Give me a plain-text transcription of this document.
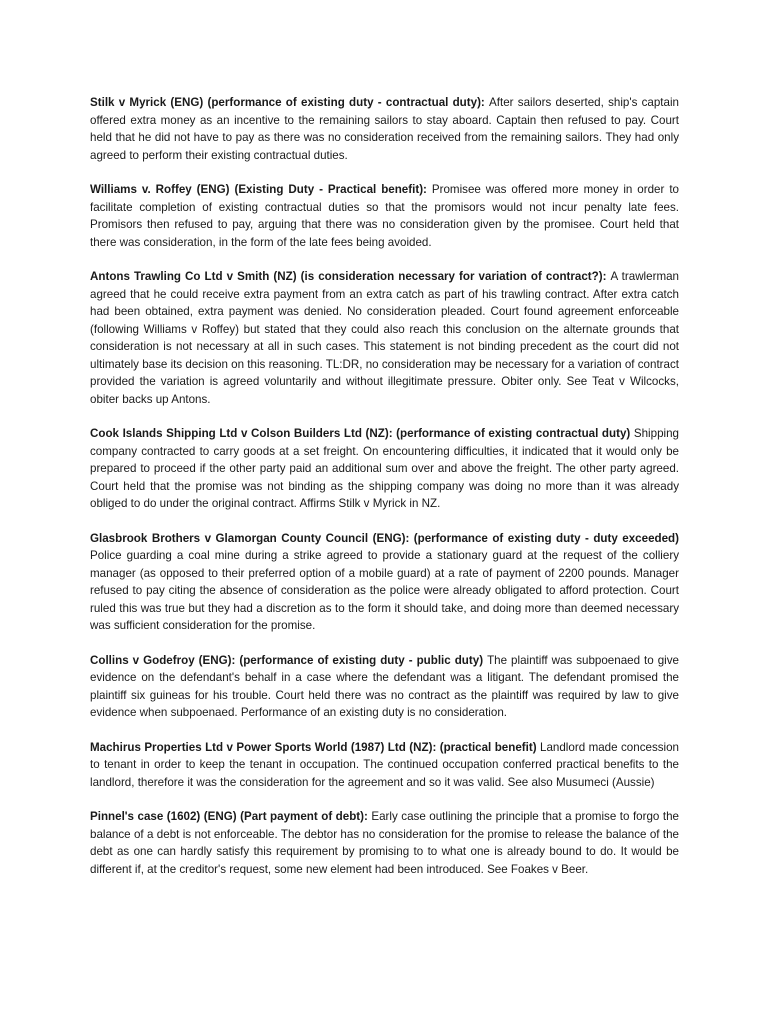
Stilk v Myrick (ENG) (performance of existing duty - contractual duty): After sailors deserted, ship's captain offered extra money as an incentive to the remaining sailors to stay aboard. Captain then refused to pay. Court held that he did not have to pay as there was no consideration received from the remaining sailors. They had only agreed to perform their existing contractual duties.

Williams v. Roffey (ENG) (Existing Duty - Practical benefit): Promisee was offered more money in order to facilitate completion of existing contractual duties so that the promisors would not incur penalty late fees. Promisors then refused to pay, arguing that there was no consideration given by the promisee. Court held that there was consideration, in the form of the late fees being avoided.

Antons Trawling Co Ltd v Smith (NZ) (is consideration necessary for variation of contract?): A trawlerman agreed that he could receive extra payment from an extra catch as part of his trawling contract. After extra catch had been obtained, extra payment was denied. No consideration pleaded. Court found agreement enforceable (following Williams v Roffey) but stated that they could also reach this conclusion on the alternate grounds that consideration is not necessary at all in such cases. This statement is not binding precedent as the court did not ultimately base its decision on this reasoning. TL:DR, no consideration may be necessary for a variation of contract provided the variation is agreed voluntarily and without illegitimate pressure. Obiter only. See Teat v Wilcocks, obiter backs up Antons.

Cook Islands Shipping Ltd v Colson Builders Ltd (NZ): (performance of existing contractual duty) Shipping company contracted to carry goods at a set freight. On encountering difficulties, it indicated that it would only be prepared to proceed if the other party paid an additional sum over and above the freight. The other party agreed. Court held that the promise was not binding as the shipping company was doing no more than it was already obliged to do under the original contract. Affirms Stilk v Myrick in NZ.

Glasbrook Brothers v Glamorgan County Council (ENG): (performance of existing duty - duty exceeded) Police guarding a coal mine during a strike agreed to provide a stationary guard at the request of the colliery manager (as opposed to their preferred option of a mobile guard) at a rate of payment of 2200 pounds. Manager refused to pay citing the absence of consideration as the police were already obligated to afford protection. Court ruled this was true but they had a discretion as to the form it should take, and doing more than deemed necessary was sufficient consideration for the promise.

Collins v Godefroy (ENG): (performance of existing duty - public duty) The plaintiff was subpoenaed to give evidence on the defendant's behalf in a case where the defendant was a litigant. The defendant promised the plaintiff six guineas for his trouble. Court held there was no contract as the plaintiff was required by law to give evidence when subpoenaed. Performance of an existing duty is no consideration.

Machirus Properties Ltd v Power Sports World (1987) Ltd (NZ): (practical benefit) Landlord made concession to tenant in order to keep the tenant in occupation. The continued occupation conferred practical benefits to the landlord, therefore it was the consideration for the agreement and so it was valid. See also Musumeci (Aussie)

Pinnel's case (1602) (ENG) (Part payment of debt): Early case outlining the principle that a promise to forgo the balance of a debt is not enforceable. The debtor has no consideration for the promise to release the balance of the debt as one can hardly satisfy this requirement by promising to to what one is already bound to do. It would be different if, at the creditor's request, some new element had been introduced. See Foakes v Beer.
